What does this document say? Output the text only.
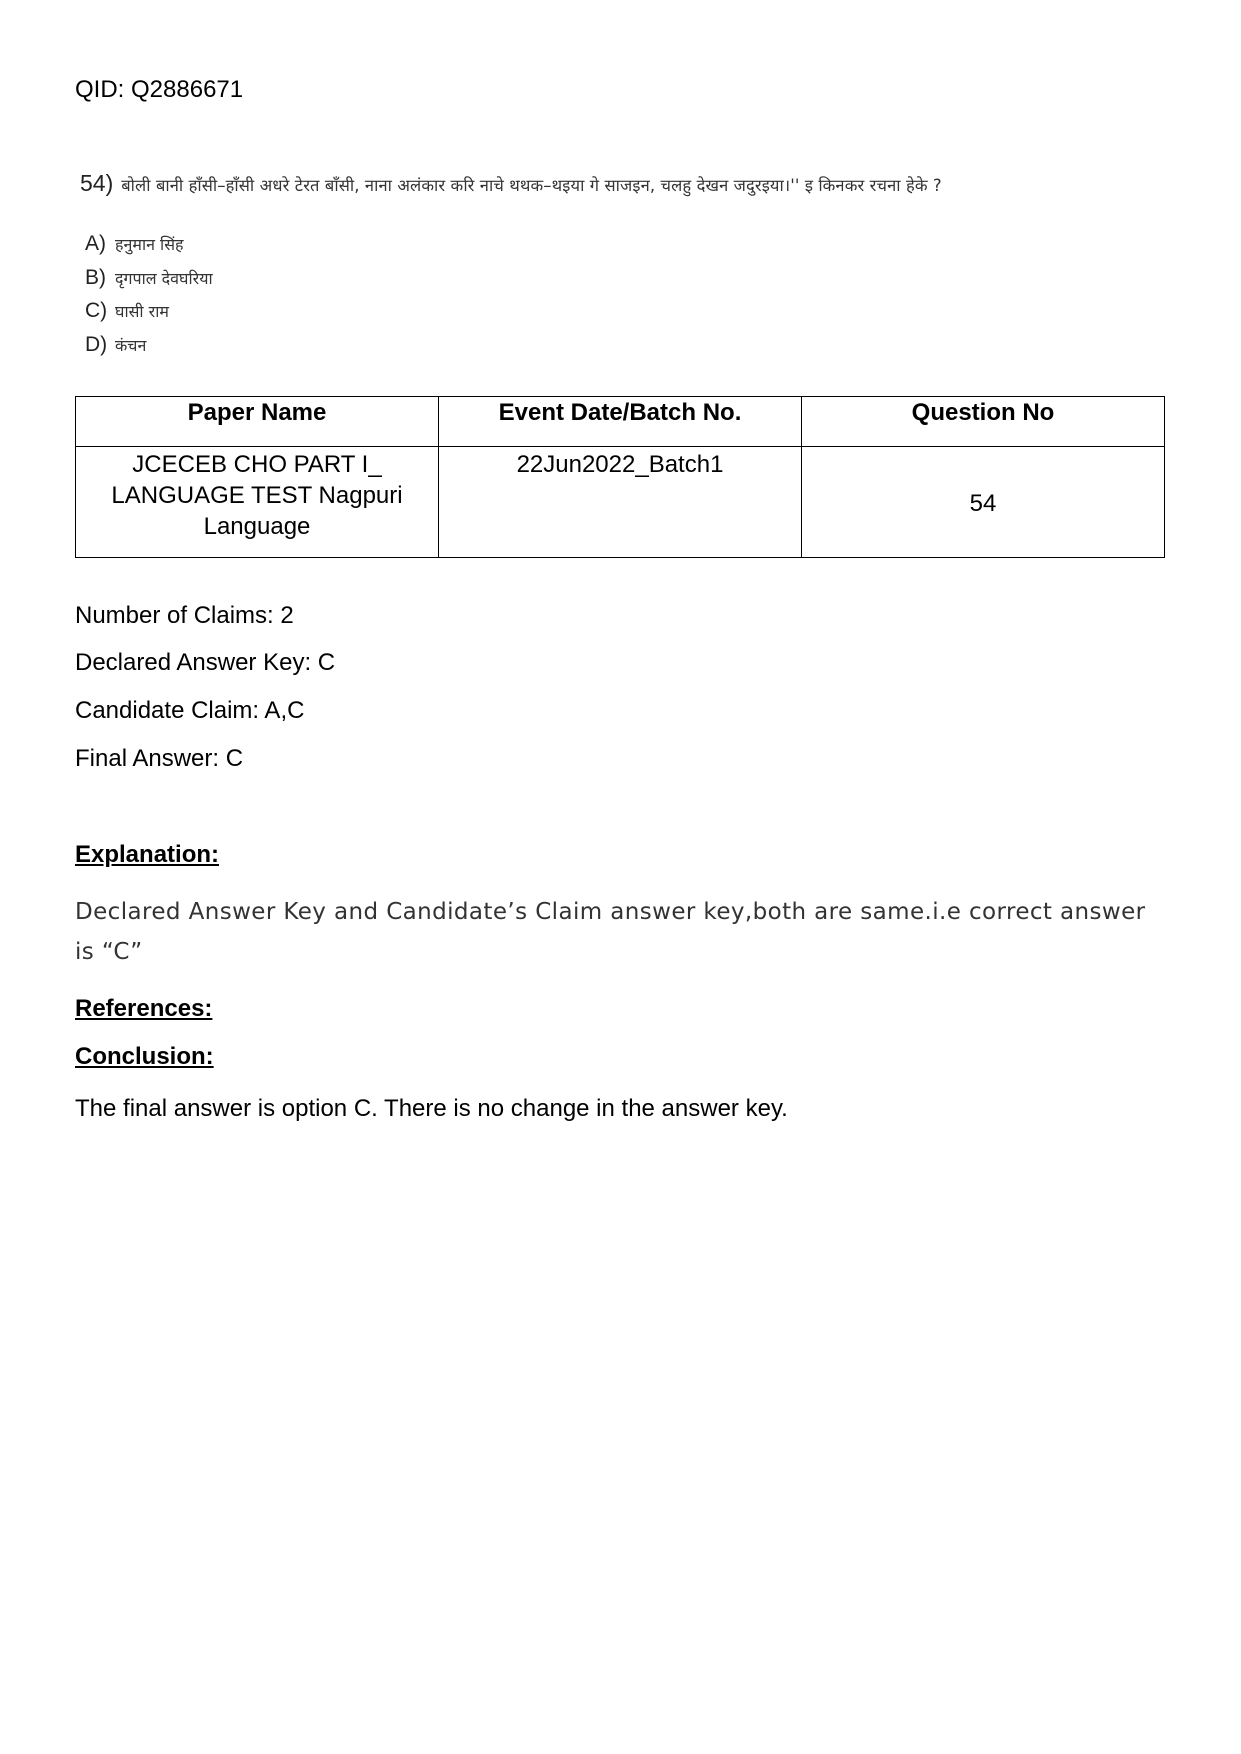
QID: Q2886671
54) बोली बानी हाँसी–हाँसी अधरे टेरत बाँसी, नाना अलंकार करि नाचे थथक–थइया गे साजइन, चलहु देखन जदुरइया।'' इ किनकर रचना हेके ?
A) हनुमान सिंह
B) दृगपाल देवघरिया
C) घासी राम
D) कंचन
Paper Name	Event Date/Batch No.	Question No
JCECEB CHO PART I_ LANGUAGE TEST Nagpuri Language	22Jun2022_Batch1	54
Number of Claims: 2
Declared Answer Key: C
Candidate Claim: A,C
Final Answer: C
Explanation:
Declared Answer Key and Candidate’s Claim answer key,both are same.i.e correct answer is “C”
References:
Conclusion:
The final answer is option C. There is no change in the answer key.
